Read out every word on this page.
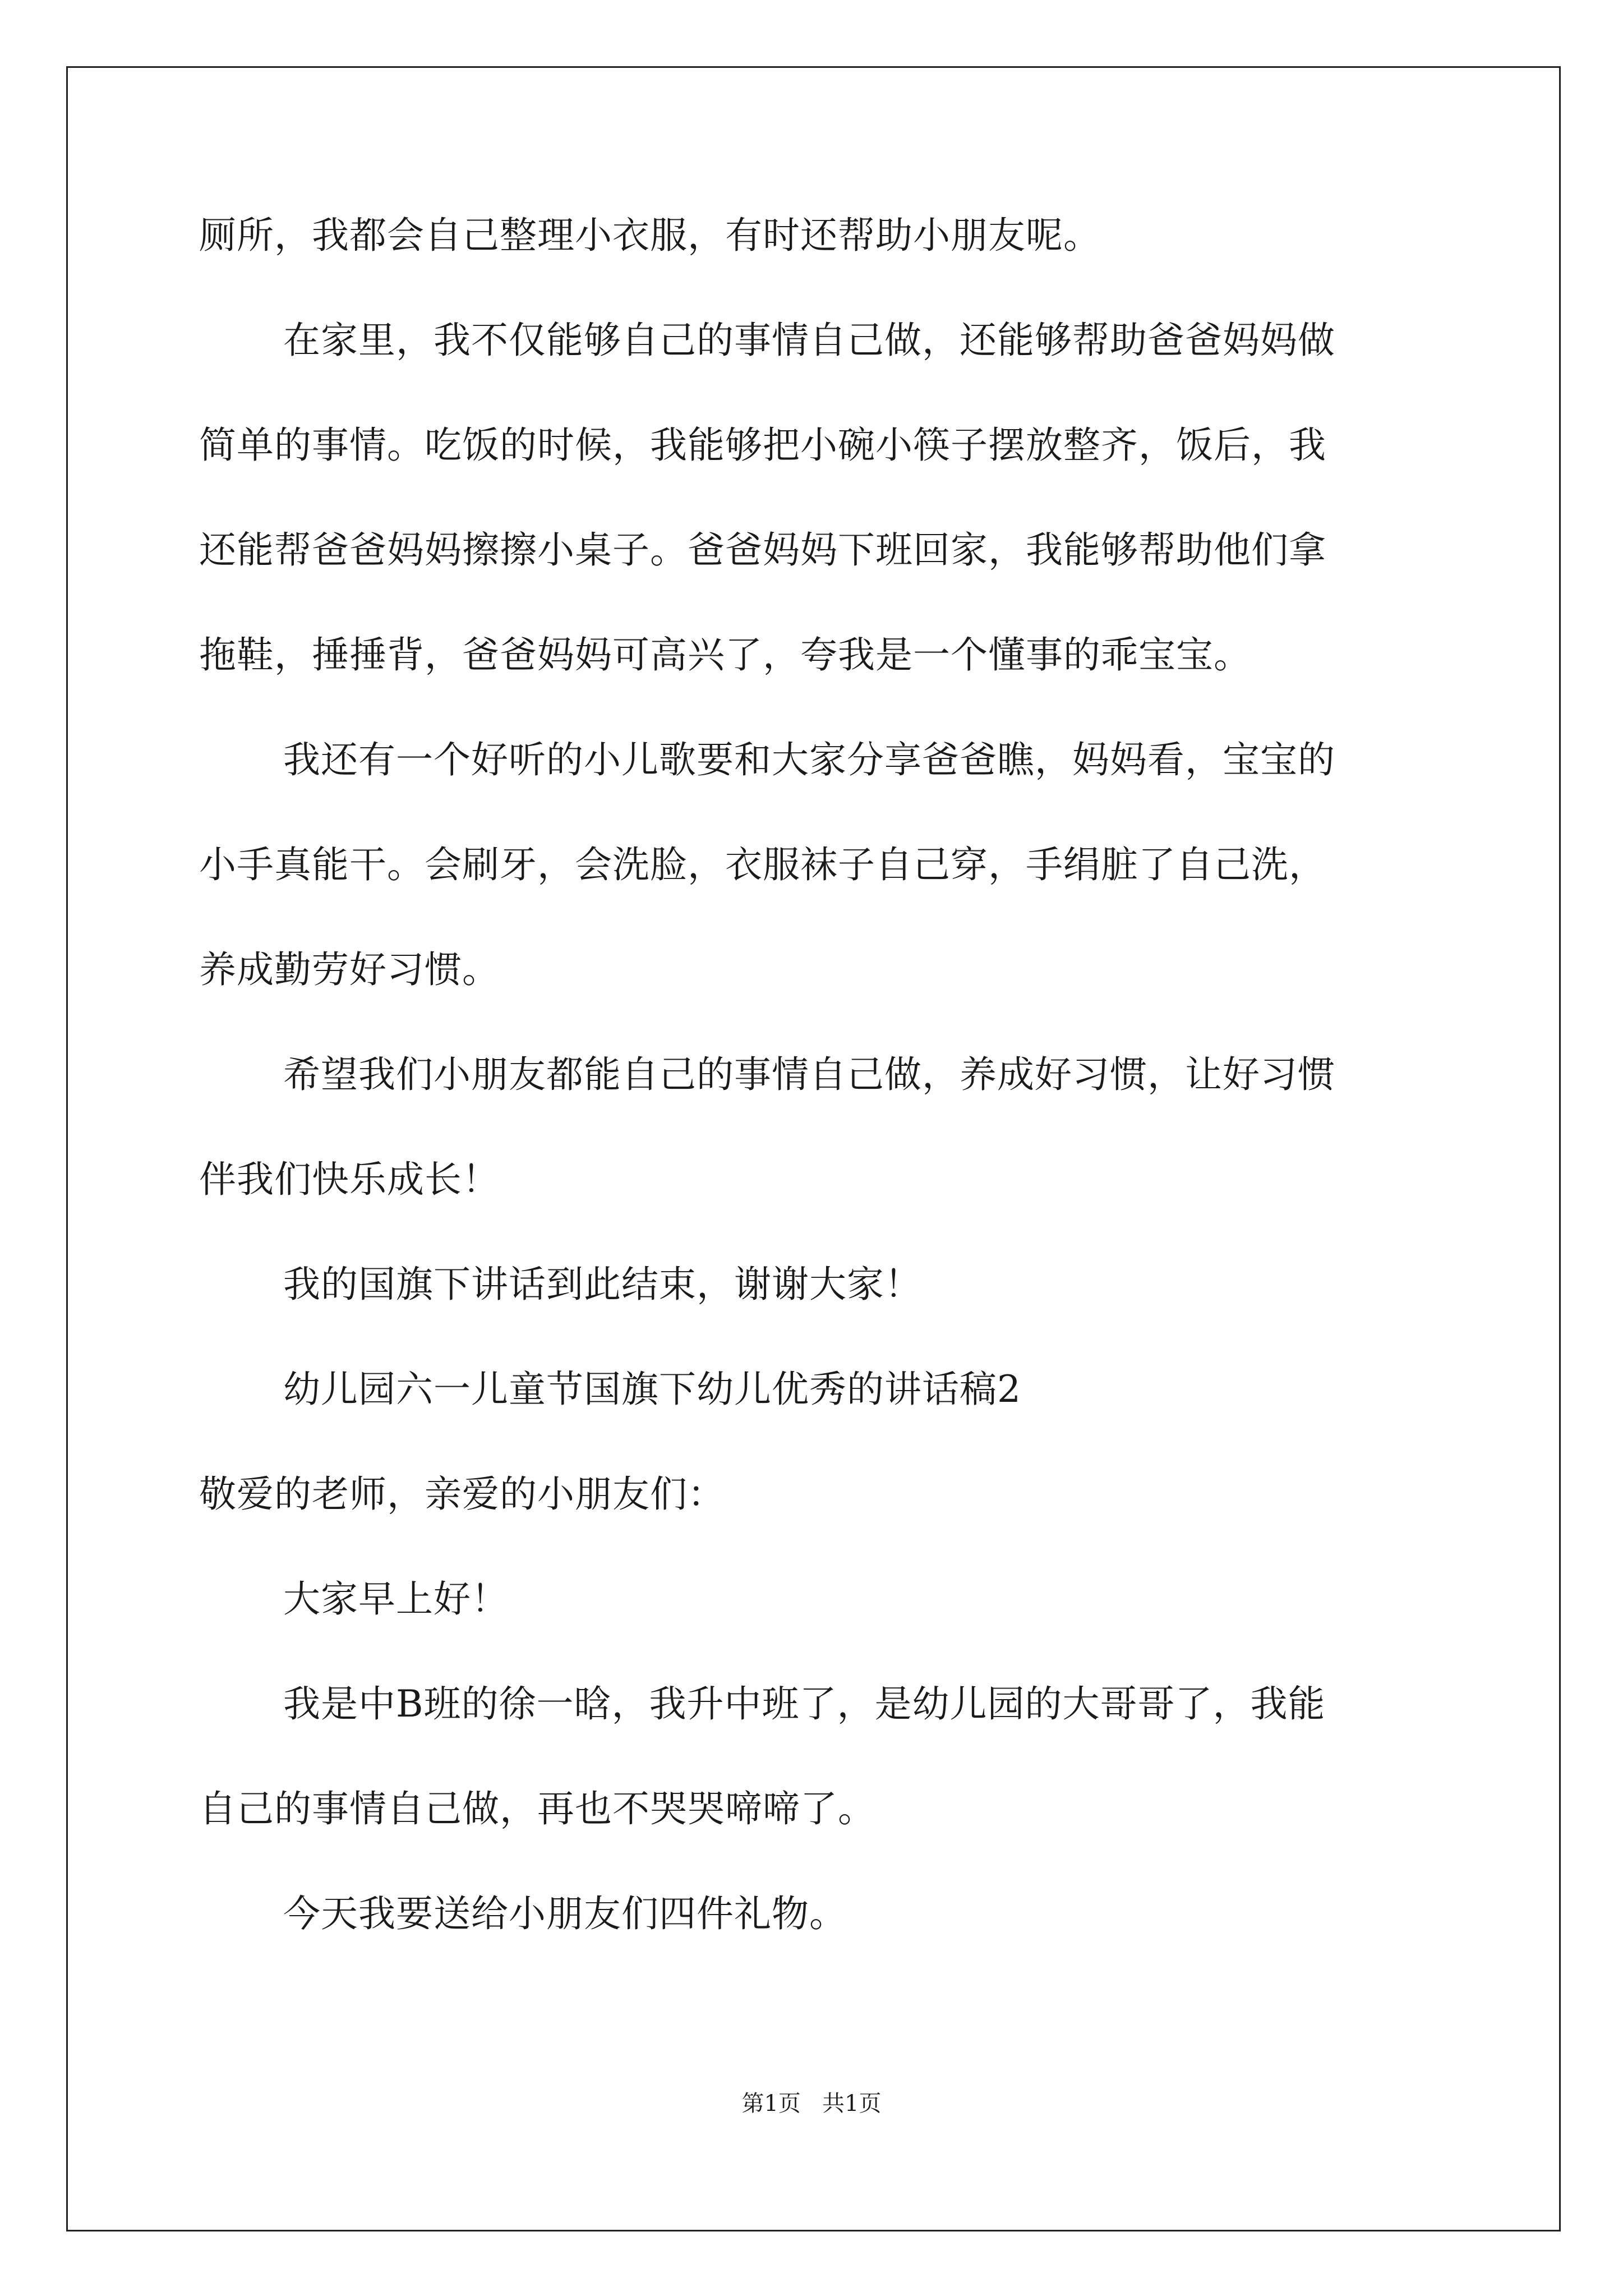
厕所，我都会自己整理小衣服，有时还帮助小朋友呢。
在家里，我不仅能够自己的事情自己做，还能够帮助爸爸妈妈做
简单的事情。吃饭的时候，我能够把小碗小筷子摆放整齐，饭后，我
还能帮爸爸妈妈擦擦小桌子。爸爸妈妈下班回家，我能够帮助他们拿
拖鞋，捶捶背，爸爸妈妈可高兴了，夸我是一个懂事的乖宝宝。
我还有一个好听的小儿歌要和大家分享爸爸瞧，妈妈看，宝宝的
小手真能干。会刷牙，会洗脸，衣服袜子自己穿，手绢脏了自己洗，
养成勤劳好习惯。
希望我们小朋友都能自己的事情自己做，养成好习惯，让好习惯
伴我们快乐成长！
我的国旗下讲话到此结束，谢谢大家！
幼儿园六一儿童节国旗下幼儿优秀的讲话稿2
敬爱的老师，亲爱的小朋友们：
大家早上好！
我是中B班的徐一晗，我升中班了，是幼儿园的大哥哥了，我能
自己的事情自己做，再也不哭哭啼啼了。
今天我要送给小朋友们四件礼物。
第1页   共1页
